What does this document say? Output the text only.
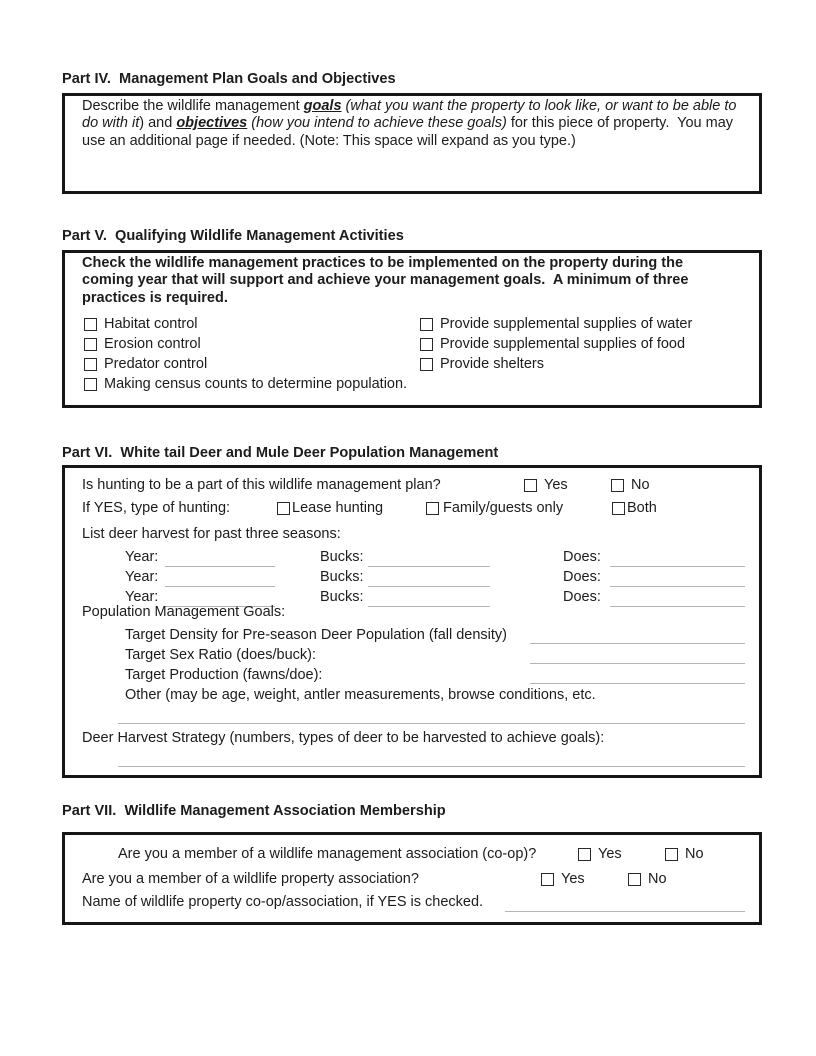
Part IV.  Management Plan Goals and Objectives
Describe the wildlife management goals (what you want the property to look like, or want to be able to do with it) and objectives (how you intend to achieve these goals) for this piece of property.  You may use an additional page if needed. (Note: This space will expand as you type.)
Part V.  Qualifying Wildlife Management Activities
Check the wildlife management practices to be implemented on the property during the coming year that will support and achieve your management goals.  A minimum of three practices is required.
Habitat control
Erosion control
Predator control
Making census counts to determine population.
Provide supplemental supplies of water
Provide supplemental supplies of food
Provide shelters
Part VI.  White tail Deer and Mule Deer Population Management
Is hunting to be a part of this wildlife management plan?	Yes	No
If YES, type of hunting:	Lease hunting	Family/guests only	Both
List deer harvest for past three seasons:
Year:	Bucks:	Does:
Year:	Bucks:	Does:
Year:	Bucks:	Does:
Population Management Goals:
Target Density for Pre-season Deer Population (fall density)
Target Sex Ratio (does/buck):
Target Production (fawns/doe):
Other (may be age, weight, antler measurements, browse conditions, etc.
Deer Harvest Strategy (numbers, types of deer to be harvested to achieve goals):
Part VII.  Wildlife Management Association Membership
Are you a member of a wildlife management association (co-op)?	Yes	No
Are you a member of a wildlife property association?	Yes	No
Name of wildlife property co-op/association, if YES is checked.
